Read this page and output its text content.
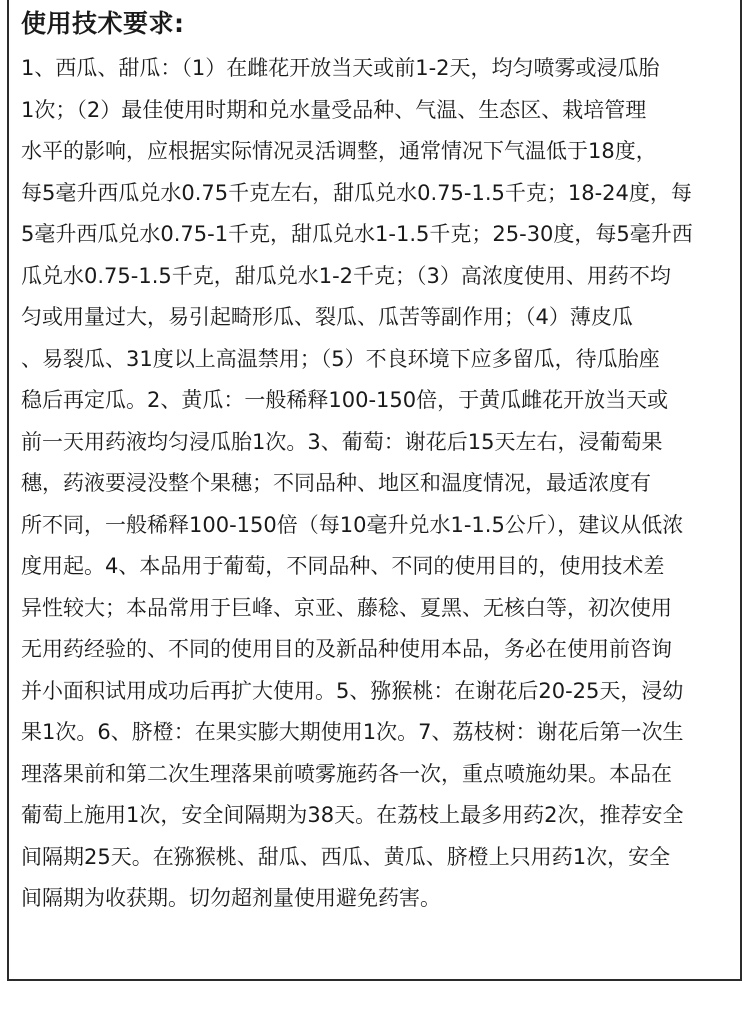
使用技术要求:
1、西瓜、甜瓜：（1）在雌花开放当天或前1-2天，均匀喷雾或浸瓜胎
1次；（2）最佳使用时期和兑水量受品种、气温、生态区、栽培管理
水平的影响，应根据实际情况灵活调整，通常情况下气温低于18度，
每5毫升西瓜兑水0.75千克左右，甜瓜兑水0.75-1.5千克；18-24度，每
5毫升西瓜兑水0.75-1千克，甜瓜兑水1-1.5千克；25-30度，每5毫升西
瓜兑水0.75-1.5千克，甜瓜兑水1-2千克；（3）高浓度使用、用药不均
匀或用量过大，易引起畸形瓜、裂瓜、瓜苦等副作用；（4）薄皮瓜
、易裂瓜、31度以上高温禁用；（5）不良环境下应多留瓜，待瓜胎座
稳后再定瓜。2、黄瓜：一般稀释100-150倍，于黄瓜雌花开放当天或
前一天用药液均匀浸瓜胎1次。3、葡萄：谢花后15天左右，浸葡萄果
穗，药液要浸没整个果穗；不同品种、地区和温度情况，最适浓度有
所不同，一般稀释100-150倍（每10毫升兑水1-1.5公斤），建议从低浓
度用起。4、本品用于葡萄，不同品种、不同的使用目的，使用技术差
异性较大；本品常用于巨峰、京亚、藤稔、夏黑、无核白等，初次使用
无用药经验的、不同的使用目的及新品种使用本品，务必在使用前咨询
并小面积试用成功后再扩大使用。5、猕猴桃：在谢花后20-25天，浸幼
果1次。6、脐橙：在果实膨大期使用1次。7、荔枝树：谢花后第一次生
理落果前和第二次生理落果前喷雾施药各一次，重点喷施幼果。本品在
葡萄上施用1次，安全间隔期为38天。在荔枝上最多用药2次，推荐安全
间隔期25天。在猕猴桃、甜瓜、西瓜、黄瓜、脐橙上只用药1次，安全
间隔期为收获期。切勿超剂量使用避免药害。
